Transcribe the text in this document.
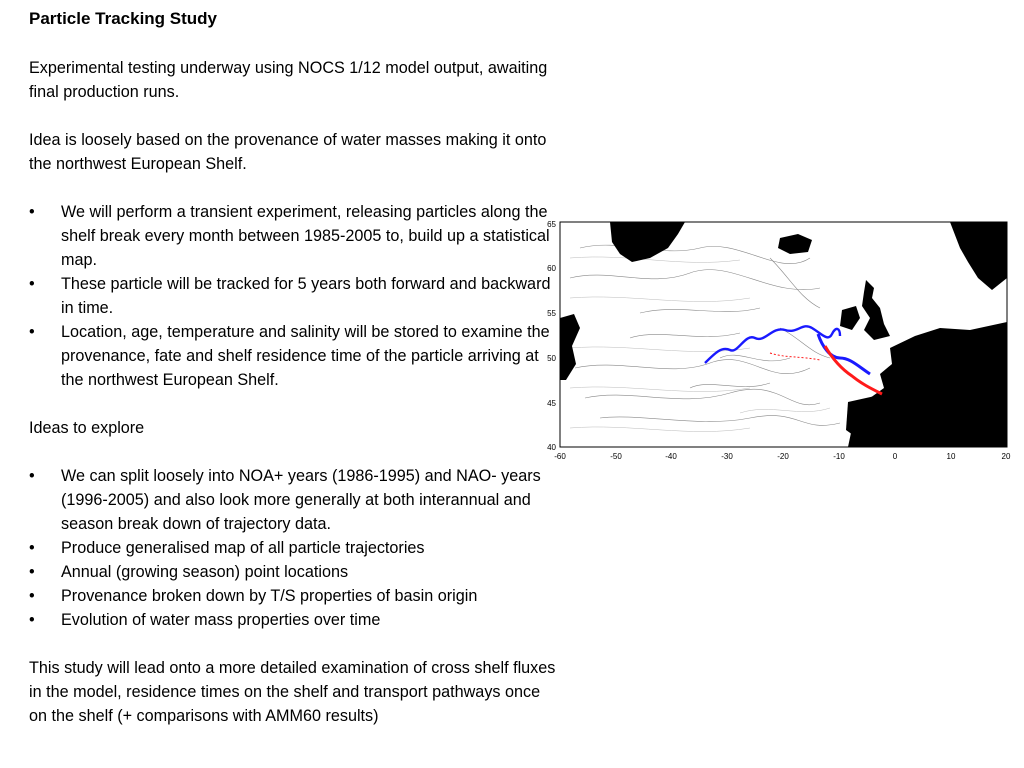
Particle Tracking Study

Experimental testing underway using NOCS 1/12 model output, awaiting final production runs.

Idea is loosely based on the provenance of water masses making it onto the northwest European Shelf.

• We will perform a transient experiment, releasing particles along the shelf break every month between 1985-2005 to, build up a statistical map.
• These particle will be tracked for 5 years both forward and backward in time.
• Location, age, temperature and salinity will be stored to examine the provenance, fate and shelf residence time of the particle arriving at the northwest European Shelf.

Ideas to explore

• We can split loosely into NOA+ years (1986-1995) and NAO- years (1996-2005) and also look more generally at both interannual and season break down of trajectory data.
• Produce generalised map of all particle trajectories
• Annual (growing season) point locations
• Provenance broken down by T/S properties of basin origin
• Evolution of water mass properties over time

This study will lead onto a more detailed examination of cross shelf fluxes in the model, residence times on the shelf and transport pathways once on the shelf (+ comparisons with AMM60 results)

-60	-50	-40	-30	-20	-10	0	10	20
65
60
55
50
45
40
